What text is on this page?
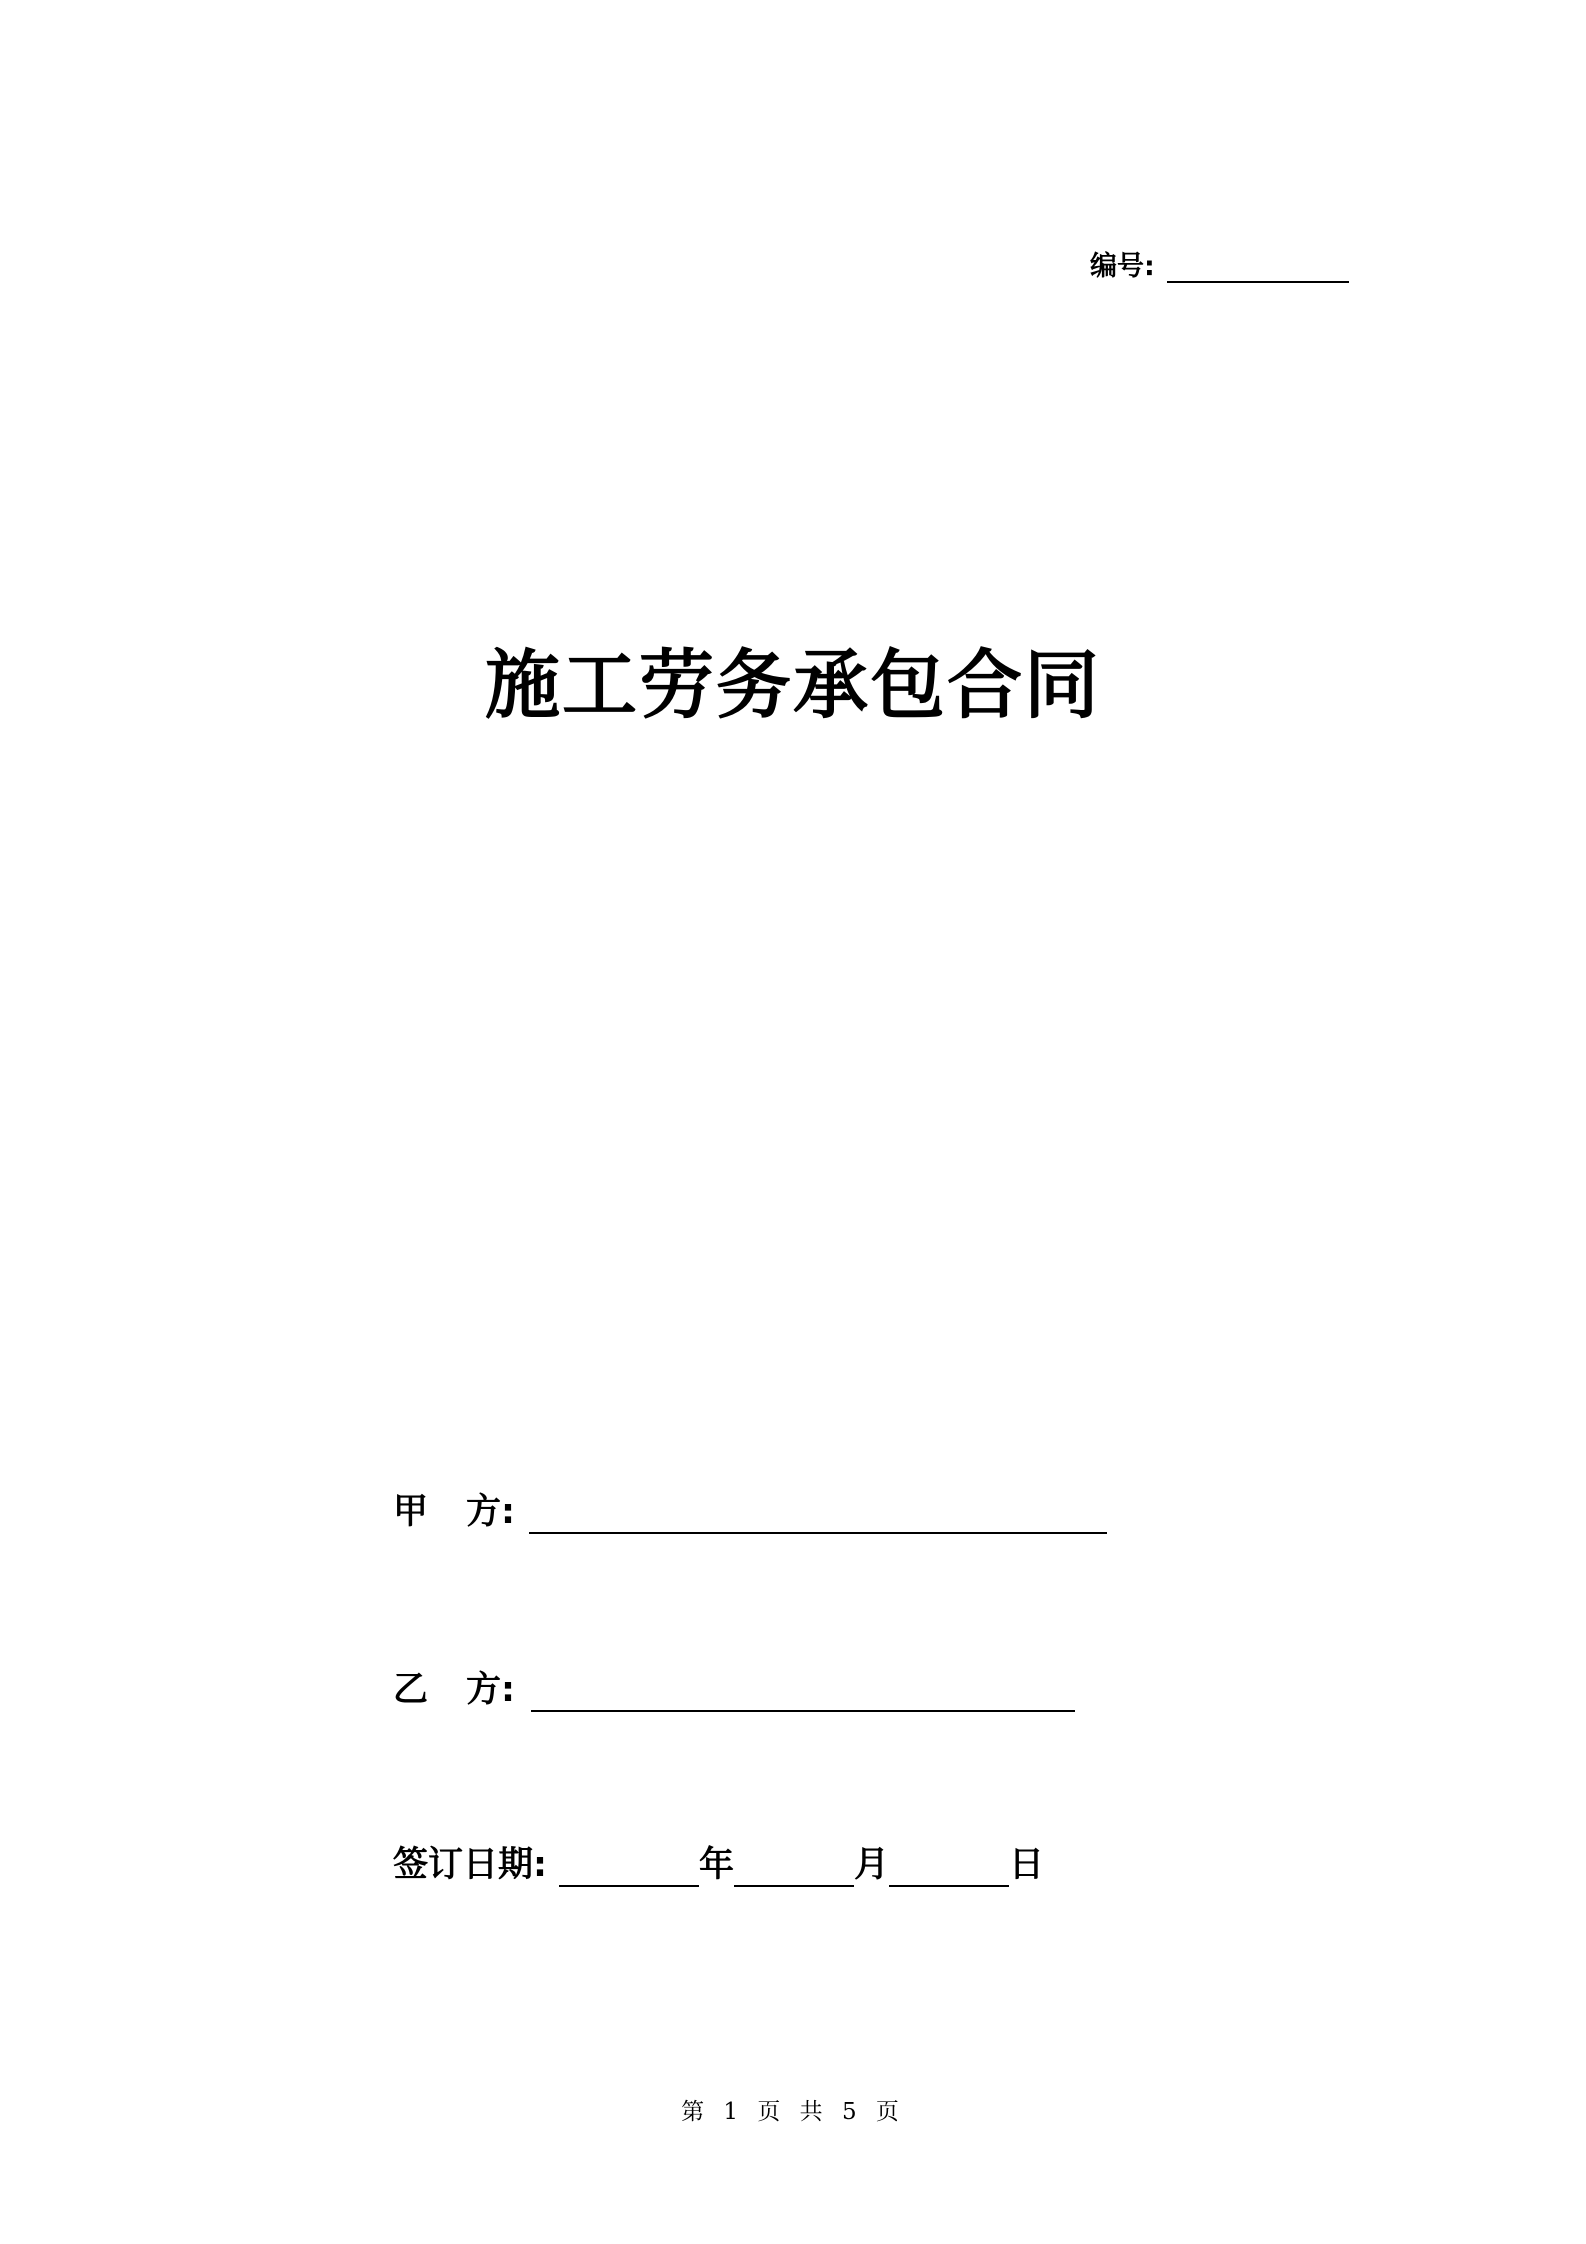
编号:
施工劳务承包合同
甲 方:
乙 方:
签订日期:	年	月	日
第 1 页 共 5 页
